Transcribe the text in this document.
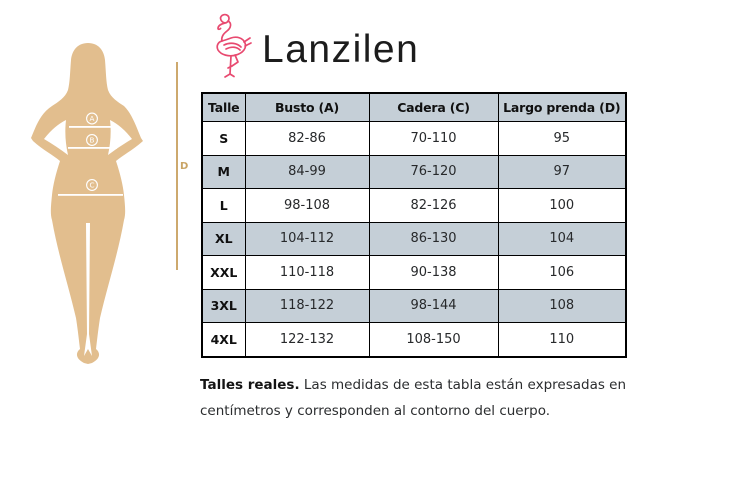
A
B
C
D
Lanzilen
Talle	Busto (A)	Cadera (C)	Largo prenda (D)
S	82-86	70-110	95
M	84-99	76-120	97
L	98-108	82-126	100
XL	104-112	86-130	104
XXL	110-118	90-138	106
3XL	118-122	98-144	108
4XL	122-132	108-150	110

Talles reales. Las medidas de esta tabla están expresadas en centímetros y corresponden al contorno del cuerpo.
